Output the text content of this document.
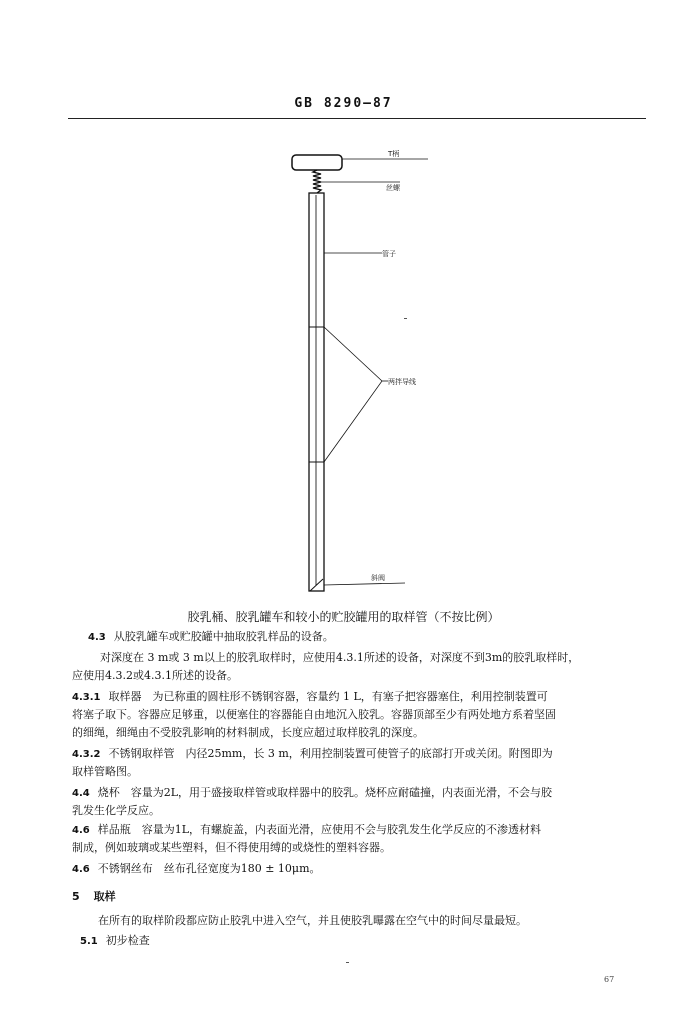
GB 8290—87
T柄
丝螺
管子
两拌导线
斜阀
胶乳桶、胶乳罐车和较小的贮胶罐用的取样管（不按比例）
4.3 从胶乳罐车或贮胶罐中抽取胶乳样品的设备。
对深度在 3 m或 3 m以上的胶乳取样时，应使用4.3.1所述的设备，对深度不到3m的胶乳取样时，
应使用4.3.2或4.3.1所述的设备。
4.3.1 取样器　为已称重的圆柱形不锈钢容器，容量约 1 L，有塞子把容器塞住，利用控制装置可
将塞子取下。容器应足够重，以便塞住的容器能自由地沉入胶乳。容器顶部至少有两处地方系着坚固
的细绳，细绳由不受胶乳影响的材料制成，长度应超过取样胶乳的深度。
4.3.2 不锈钢取样管　内径25mm，长 3 m，利用控制装置可使管子的底部打开或关闭。附图即为
取样管略图。
4.4 烧杯　容量为2L，用于盛接取样管或取样器中的胶乳。烧杯应耐磕撞，内表面光滑，不会与胶
乳发生化学反应。
4.6 样品瓶　容量为1L，有螺旋盖，内表面光滑，应使用不会与胶乳发生化学反应的不渗透材料
制成，例如玻璃或某些塑料，但不得使用缚的或烧性的塑料容器。
4.6 不锈钢丝布　丝布孔径宽度为180 ± 10μm。
5 取样
在所有的取样阶段都应防止胶乳中进入空气，并且使胶乳曝露在空气中的时间尽量最短。
5.1 初步检查
67
